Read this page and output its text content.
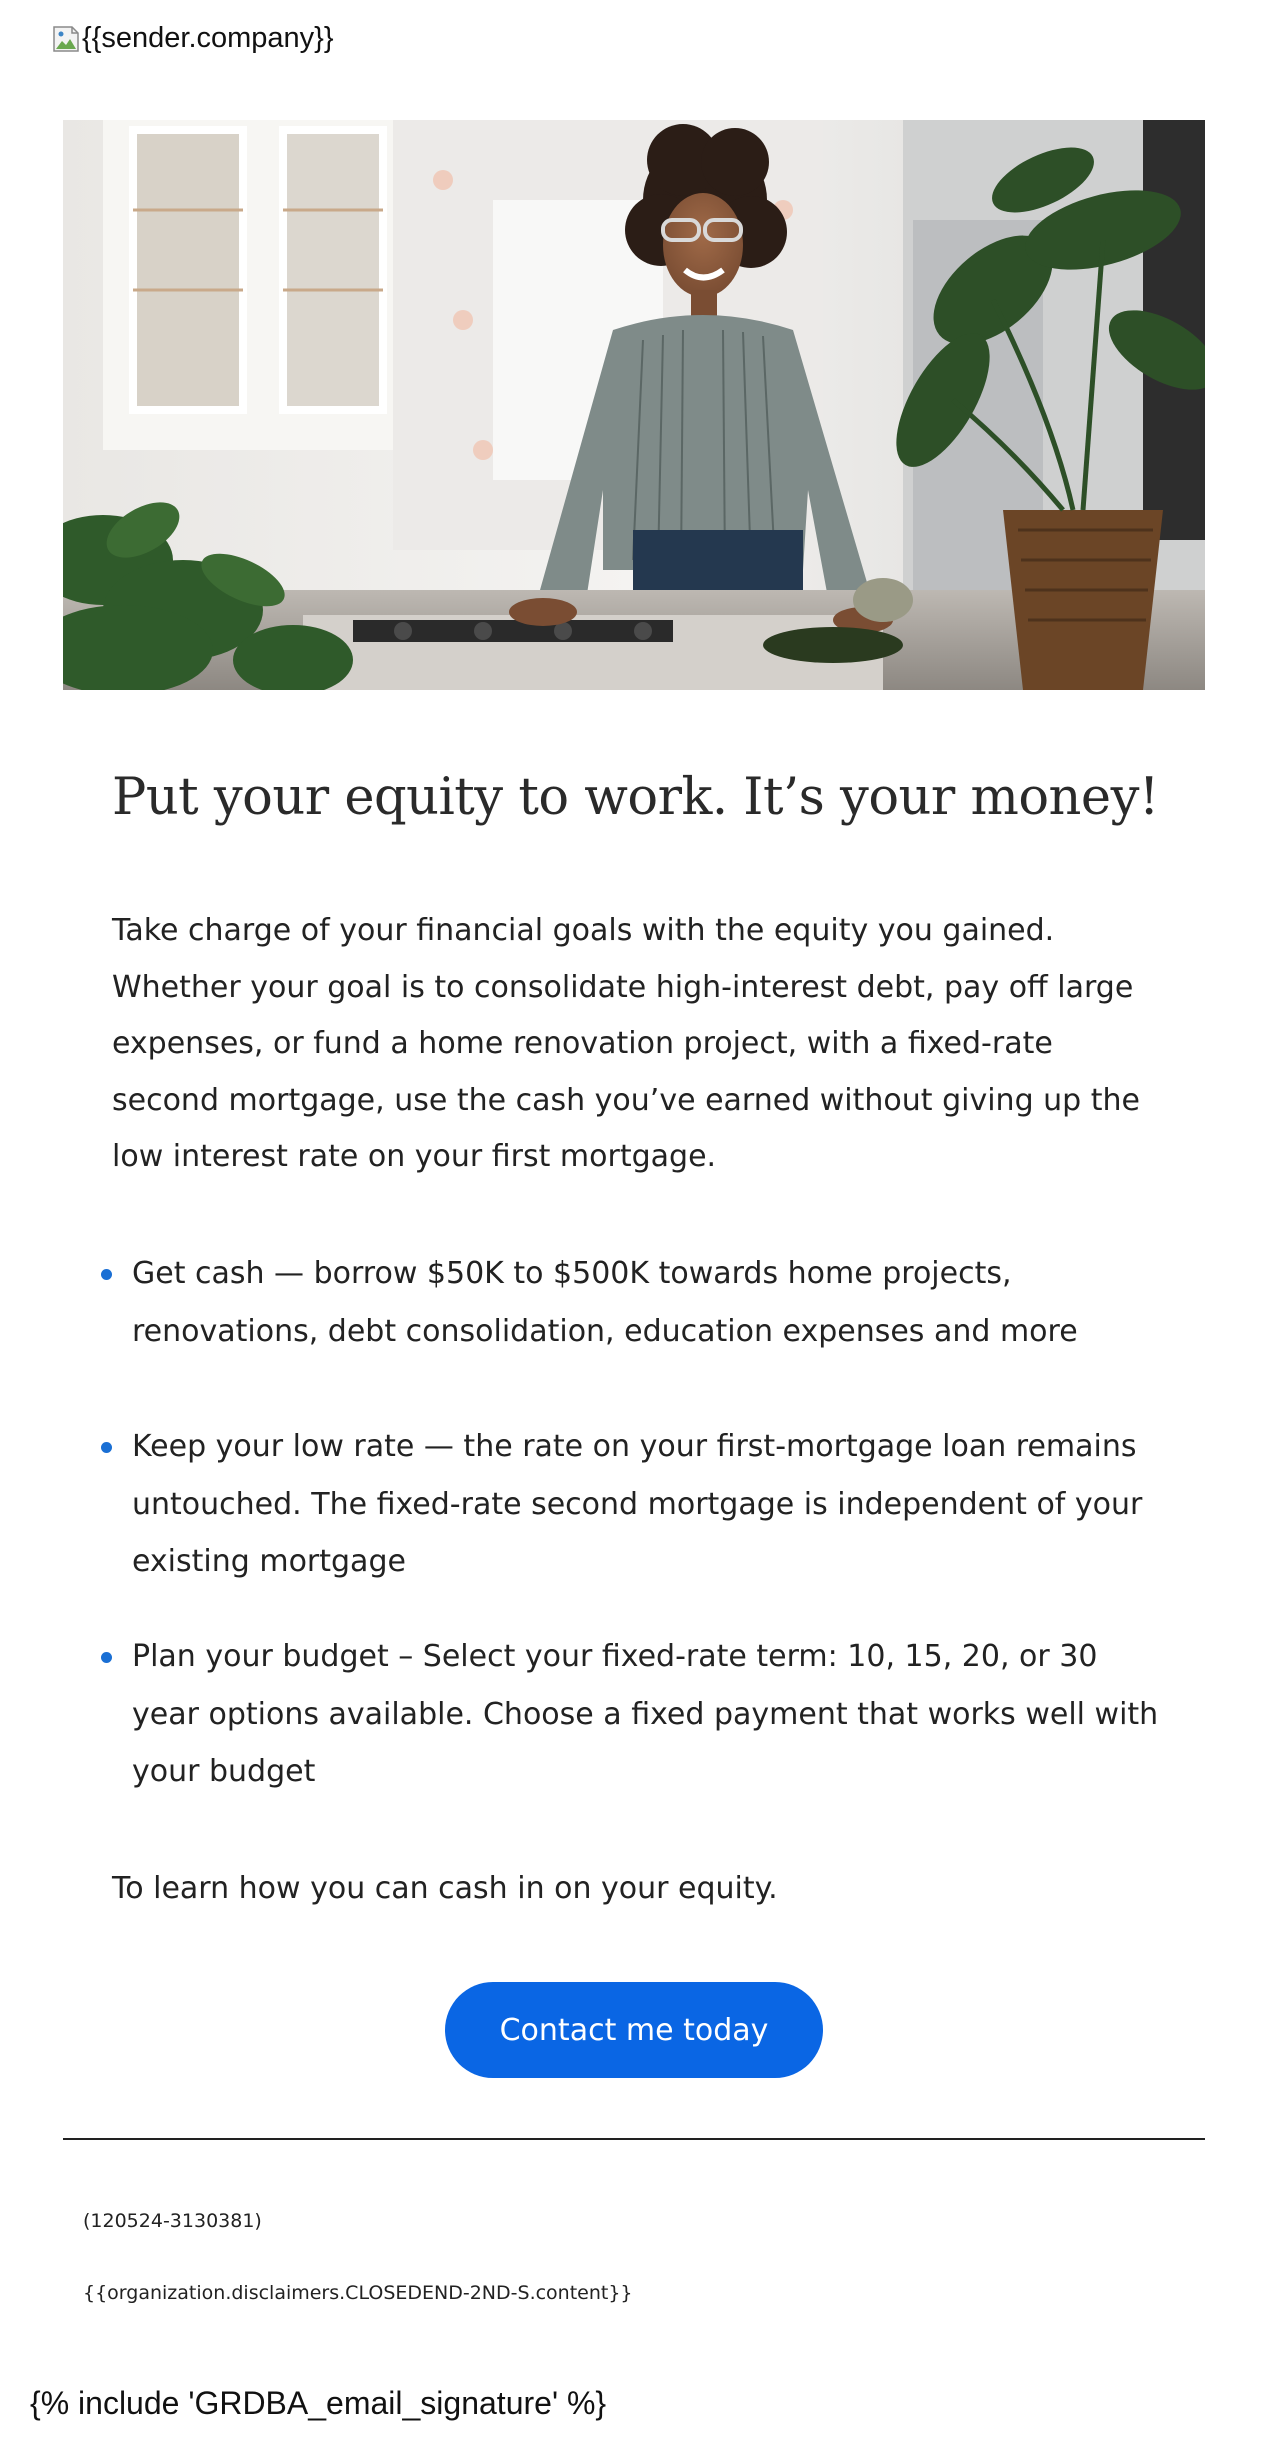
{{sender.company}}
Put your equity to work. It’s your money!

Take charge of your financial goals with the equity you gained. Whether your goal is to consolidate high-interest debt, pay off large expenses, or fund a home renovation project, with a fixed-rate second mortgage, use the cash you’ve earned without giving up the low interest rate on your first mortgage.

Get cash — borrow $50K to $500K towards home projects, renovations, debt consolidation, education expenses and more
Keep your low rate — the rate on your first-mortgage loan remains untouched. The fixed-rate second mortgage is independent of your existing mortgage
Plan your budget – Select your fixed-rate term: 10, 15, 20, or 30 year options available. Choose a fixed payment that works well with your budget

To learn how you can cash in on your equity.

Contact me today

(120524-3130381)

{{organization.disclaimers.CLOSEDEND-2ND-S.content}}

{% include 'GRDBA_email_signature' %}
